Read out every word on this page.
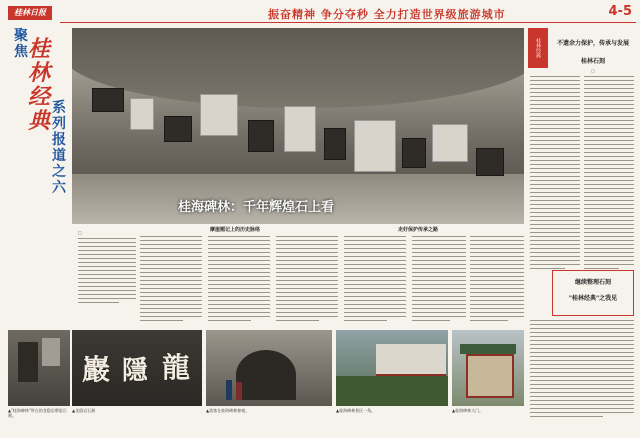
桂林日报	振奋精神 争分夺秒 全力打造世界级旅游城市	4-5
聚焦 桂林经典
系列报道之六
桂海碑林：千年辉煌石上看
□	摩崖题记上的历史脉络	走好保护传承之路
桂林经典	不遗余力保护，传承与发展
桂林石刻
□
继续整理石刻
"桂林经典"之我见
▲"桂海碑林"所在的龙隐岩摩崖石刻。
巖 隱 龍
▲龙隐岩石刻	▲游客在桂海碑林参观。	▲桂海碑林景区一角。	▲桂海碑林大门。
